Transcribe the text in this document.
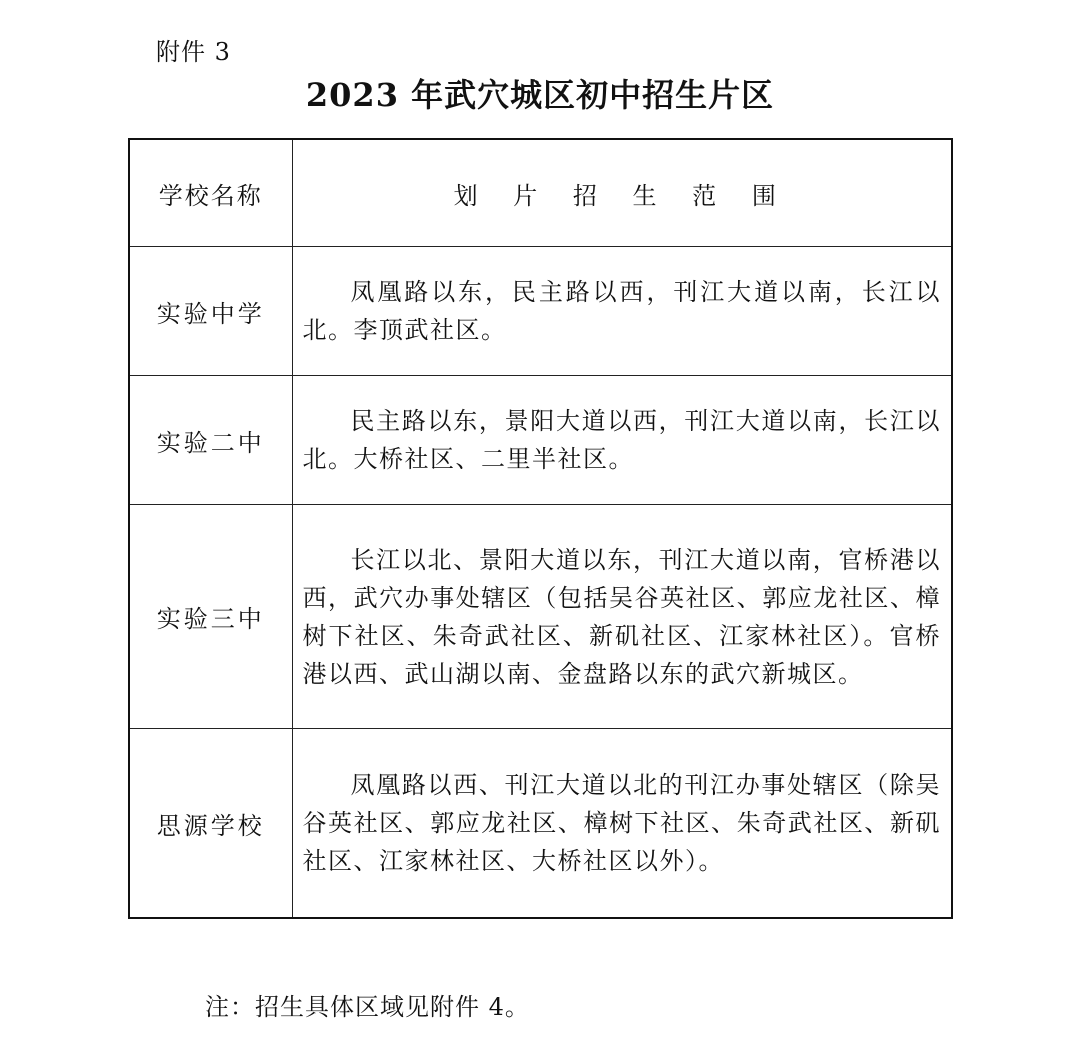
附件 3
2023 年武穴城区初中招生片区
学校名称	划 片 招 生 范 围
实验中学	凤凰路以东，民主路以西，刊江大道以南，长江以北。李顶武社区。

实验二中	民主路以东，景阳大道以西，刊江大道以南，长江以北。大桥社区、二里半社区。

实验三中	长江以北、景阳大道以东，刊江大道以南，官桥港以西，武穴办事处辖区（包括吴谷英社区、郭应龙社区、樟树下社区、朱奇武社区、新矶社区、江家林社区）。官桥港以西、武山湖以南、金盘路以东的武穴新城区。

思源学校	凤凰路以西、刊江大道以北的刊江办事处辖区（除吴谷英社区、郭应龙社区、樟树下社区、朱奇武社区、新矶社区、江家林社区、大桥社区以外）。

注：招生具体区域见附件 4。
